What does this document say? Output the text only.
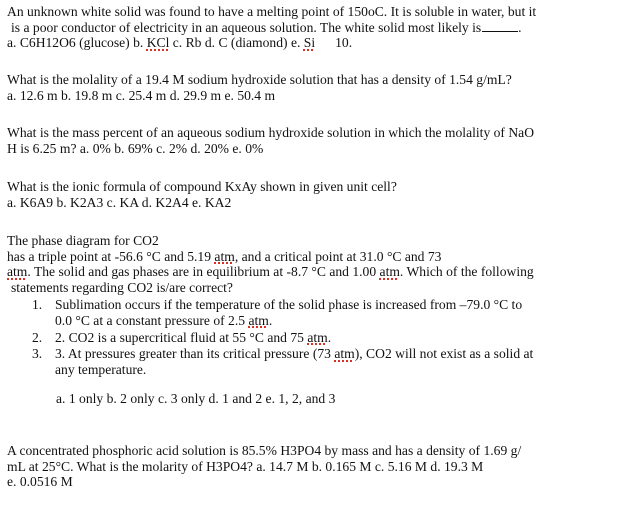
An unknown white solid was found to have a melting point of 150oC. It is soluble in water, but it
is a poor conductor of electricity in an aqueous solution. The white solid most likely is	.
a. C6H12O6 (glucose) b. KCl c. Rb d. C (diamond) e. Si 10.
What is the molality of a 19.4 M sodium hydroxide solution that has a density of 1.54 g/mL?
a. 12.6 m b. 19.8 m c. 25.4 m d. 29.9 m e. 50.4 m
What is the mass percent of an aqueous sodium hydroxide solution in which the molality of NaO
H is 6.25 m? a. 0% b. 69% c. 2% d. 20% e. 0%
What is the ionic formula of compound KxAy shown in given unit cell?
a. K6A9 b. K2A3 c. KA d. K2A4 e. KA2
The phase diagram for CO2
has a triple point at -56.6 °C and 5.19 atm, and a critical point at 31.0 °C and 73
atm. The solid and gas phases are in equilibrium at -8.7 °C and 1.00 atm. Which of the following
statements regarding CO2 is/are correct?
1. Sublimation occurs if the temperature of the solid phase is increased from –79.0 °C to
0.0 °C at a constant pressure of 2.5 atm.
2. 2. CO2 is a supercritical fluid at 55 °C and 75 atm.
3. 3. At pressures greater than its critical pressure (73 atm), CO2 will not exist as a solid at
any temperature.
a. 1 only b. 2 only c. 3 only d. 1 and 2 e. 1, 2, and 3
A concentrated phosphoric acid solution is 85.5% H3PO4 by mass and has a density of 1.69 g/
mL at 25°C. What is the molarity of H3PO4? a. 14.7 M b. 0.165 M c. 5.16 M d. 19.3 M
e. 0.0516 M
